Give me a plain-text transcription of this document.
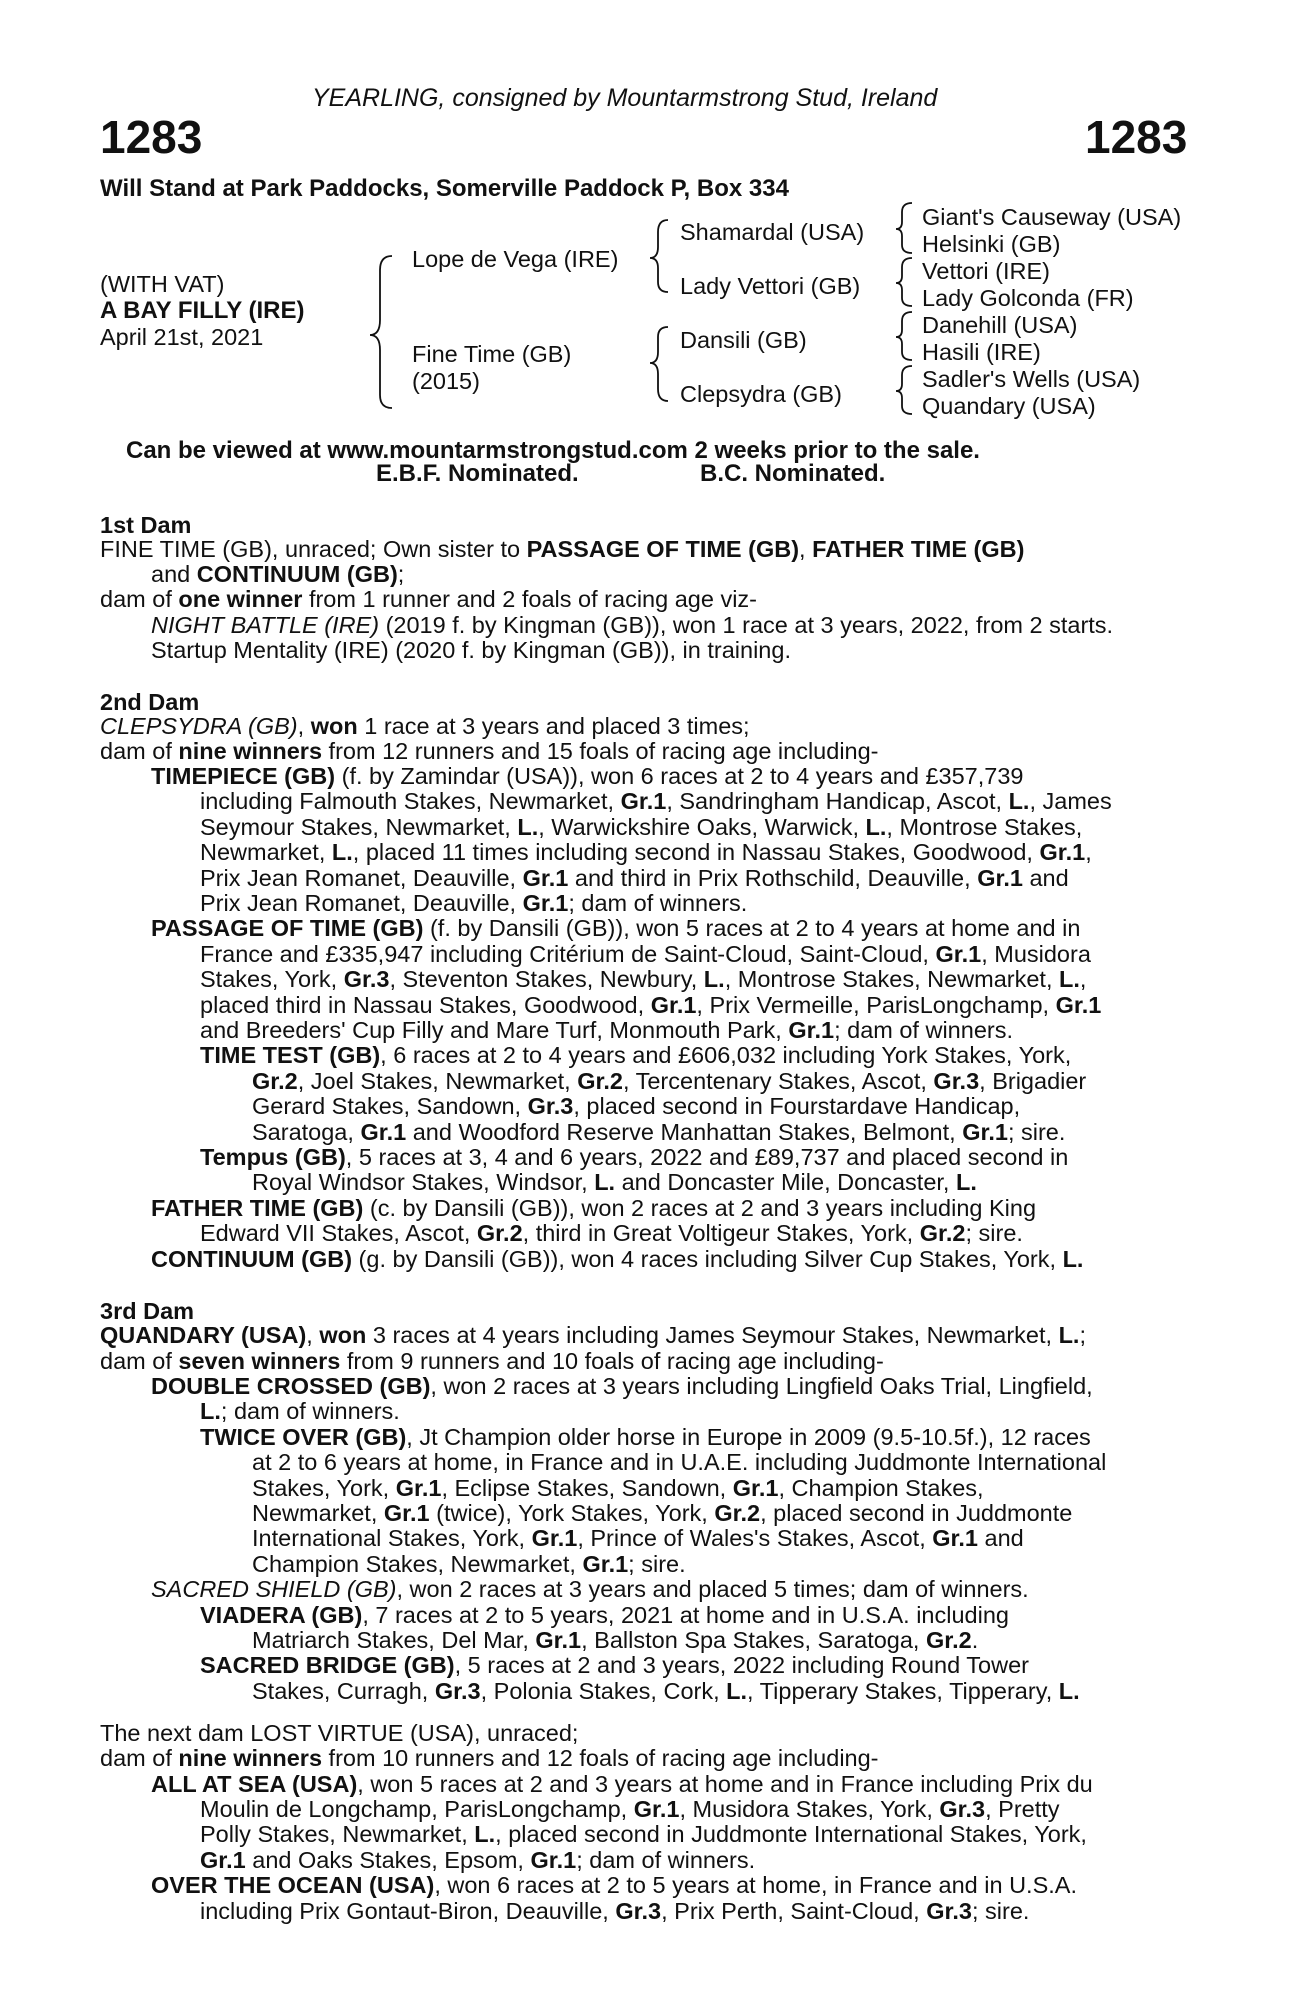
YEARLING, consigned by Mountarmstrong Stud, Ireland
1283	1283
Will Stand at Park Paddocks, Somerville Paddock P, Box 334
(WITH VAT)
A BAY FILLY (IRE)
April 21st, 2021
Lope de Vega (IRE)
Fine Time (GB)
(2015)
Shamardal (USA)
Lady Vettori (GB)
Dansili (GB)
Clepsydra (GB)
Giant's Causeway (USA)
Helsinki (GB)
Vettori (IRE)
Lady Golconda (FR)
Danehill (USA)
Hasili (IRE)
Sadler's Wells (USA)
Quandary (USA)
Can be viewed at www.mountarmstrongstud.com 2 weeks prior to the sale.
E.B.F. Nominated.	B.C. Nominated.
1st Dam
FINE TIME (GB), unraced; Own sister to PASSAGE OF TIME (GB), FATHER TIME (GB)
and CONTINUUM (GB);
dam of one winner from 1 runner and 2 foals of racing age viz-
NIGHT BATTLE (IRE) (2019 f. by Kingman (GB)), won 1 race at 3 years, 2022, from 2 starts.
Startup Mentality (IRE) (2020 f. by Kingman (GB)), in training.
2nd Dam
CLEPSYDRA (GB), won 1 race at 3 years and placed 3 times;
dam of nine winners from 12 runners and 15 foals of racing age including-
TIMEPIECE (GB) (f. by Zamindar (USA)), won 6 races at 2 to 4 years and £357,739
including Falmouth Stakes, Newmarket, Gr.1, Sandringham Handicap, Ascot, L., James
Seymour Stakes, Newmarket, L., Warwickshire Oaks, Warwick, L., Montrose Stakes,
Newmarket, L., placed 11 times including second in Nassau Stakes, Goodwood, Gr.1,
Prix Jean Romanet, Deauville, Gr.1 and third in Prix Rothschild, Deauville, Gr.1 and
Prix Jean Romanet, Deauville, Gr.1; dam of winners.
PASSAGE OF TIME (GB) (f. by Dansili (GB)), won 5 races at 2 to 4 years at home and in
France and £335,947 including Critérium de Saint-Cloud, Saint-Cloud, Gr.1, Musidora
Stakes, York, Gr.3, Steventon Stakes, Newbury, L., Montrose Stakes, Newmarket, L.,
placed third in Nassau Stakes, Goodwood, Gr.1, Prix Vermeille, ParisLongchamp, Gr.1
and Breeders' Cup Filly and Mare Turf, Monmouth Park, Gr.1; dam of winners.
TIME TEST (GB), 6 races at 2 to 4 years and £606,032 including York Stakes, York,
Gr.2, Joel Stakes, Newmarket, Gr.2, Tercentenary Stakes, Ascot, Gr.3, Brigadier
Gerard Stakes, Sandown, Gr.3, placed second in Fourstardave Handicap,
Saratoga, Gr.1 and Woodford Reserve Manhattan Stakes, Belmont, Gr.1; sire.
Tempus (GB), 5 races at 3, 4 and 6 years, 2022 and £89,737 and placed second in
Royal Windsor Stakes, Windsor, L. and Doncaster Mile, Doncaster, L.
FATHER TIME (GB) (c. by Dansili (GB)), won 2 races at 2 and 3 years including King
Edward VII Stakes, Ascot, Gr.2, third in Great Voltigeur Stakes, York, Gr.2; sire.
CONTINUUM (GB) (g. by Dansili (GB)), won 4 races including Silver Cup Stakes, York, L.
QUANDARY (USA), won 3 races at 4 years including James Seymour Stakes, Newmarket, L.;
dam of seven winners from 9 runners and 10 foals of racing age including-
DOUBLE CROSSED (GB), won 2 races at 3 years including Lingfield Oaks Trial, Lingfield,
L.; dam of winners.
TWICE OVER (GB), Jt Champion older horse in Europe in 2009 (9.5-10.5f.), 12 races
at 2 to 6 years at home, in France and in U.A.E. including Juddmonte International
Stakes, York, Gr.1, Eclipse Stakes, Sandown, Gr.1, Champion Stakes,
Newmarket, Gr.1 (twice), York Stakes, York, Gr.2, placed second in Juddmonte
International Stakes, York, Gr.1, Prince of Wales's Stakes, Ascot, Gr.1 and
Champion Stakes, Newmarket, Gr.1; sire.
SACRED SHIELD (GB), won 2 races at 3 years and placed 5 times; dam of winners.
VIADERA (GB), 7 races at 2 to 5 years, 2021 at home and in U.S.A. including
Matriarch Stakes, Del Mar, Gr.1, Ballston Spa Stakes, Saratoga, Gr.2.
SACRED BRIDGE (GB), 5 races at 2 and 3 years, 2022 including Round Tower
Stakes, Curragh, Gr.3, Polonia Stakes, Cork, L., Tipperary Stakes, Tipperary, L.
The next dam LOST VIRTUE (USA), unraced;
dam of nine winners from 10 runners and 12 foals of racing age including-
ALL AT SEA (USA), won 5 races at 2 and 3 years at home and in France including Prix du
Moulin de Longchamp, ParisLongchamp, Gr.1, Musidora Stakes, York, Gr.3, Pretty
Polly Stakes, Newmarket, L., placed second in Juddmonte International Stakes, York,
Gr.1 and Oaks Stakes, Epsom, Gr.1; dam of winners.
OVER THE OCEAN (USA), won 6 races at 2 to 5 years at home, in France and in U.S.A.
including Prix Gontaut-Biron, Deauville, Gr.3, Prix Perth, Saint-Cloud, Gr.3; sire.
3rd Dam
